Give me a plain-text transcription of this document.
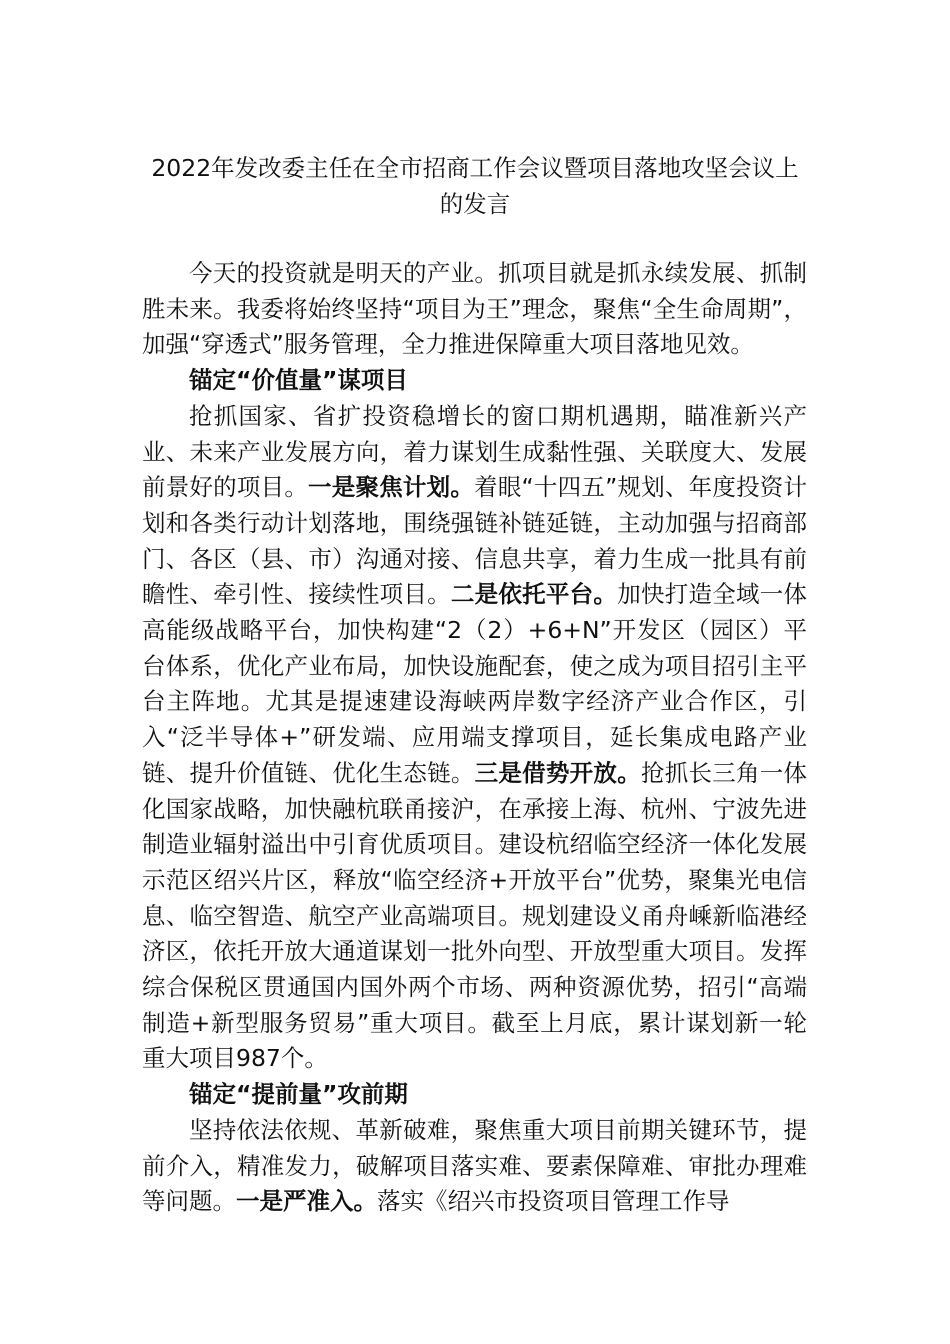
2022年发改委主任在全市招商工作会议暨项目落地攻坚会议上的发言

今天的投资就是明天的产业。抓项目就是抓永续发展、抓制胜未来。我委将始终坚持“项目为王”理念，聚焦“全生命周期”，加强“穿透式”服务管理，全力推进保障重大项目落地见效。

锚定“价值量”谋项目

抢抓国家、省扩投资稳增长的窗口期机遇期，瞄准新兴产业、未来产业发展方向，着力谋划生成黏性强、关联度大、发展前景好的项目。一是聚焦计划。着眼“十四五”规划、年度投资计划和各类行动计划落地，围绕强链补链延链，主动加强与招商部门、各区（县、市）沟通对接、信息共享，着力生成一批具有前瞻性、牵引性、接续性项目。二是依托平台。加快打造全域一体高能级战略平台，加快构建“2（2）+6+N”开发区（园区）平台体系，优化产业布局，加快设施配套，使之成为项目招引主平台主阵地。尤其是提速建设海峡两岸数字经济产业合作区，引入“泛半导体+”研发端、应用端支撑项目，延长集成电路产业链、提升价值链、优化生态链。三是借势开放。抢抓长三角一体化国家战略，加快融杭联甬接沪，在承接上海、杭州、宁波先进制造业辐射溢出中引育优质项目。建设杭绍临空经济一体化发展示范区绍兴片区，释放“临空经济+开放平台”优势，聚集光电信息、临空智造、航空产业高端项目。规划建设义甬舟嵊新临港经济区，依托开放大通道谋划一批外向型、开放型重大项目。发挥综合保税区贯通国内国外两个市场、两种资源优势，招引“高端制造+新型服务贸易”重大项目。截至上月底，累计谋划新一轮重大项目987个。

锚定“提前量”攻前期

坚持依法依规、革新破难，聚焦重大项目前期关键环节，提前介入，精准发力，破解项目落实难、要素保障难、审批办理难等问题。一是严准入。落实《绍兴市投资项目管理工作导
